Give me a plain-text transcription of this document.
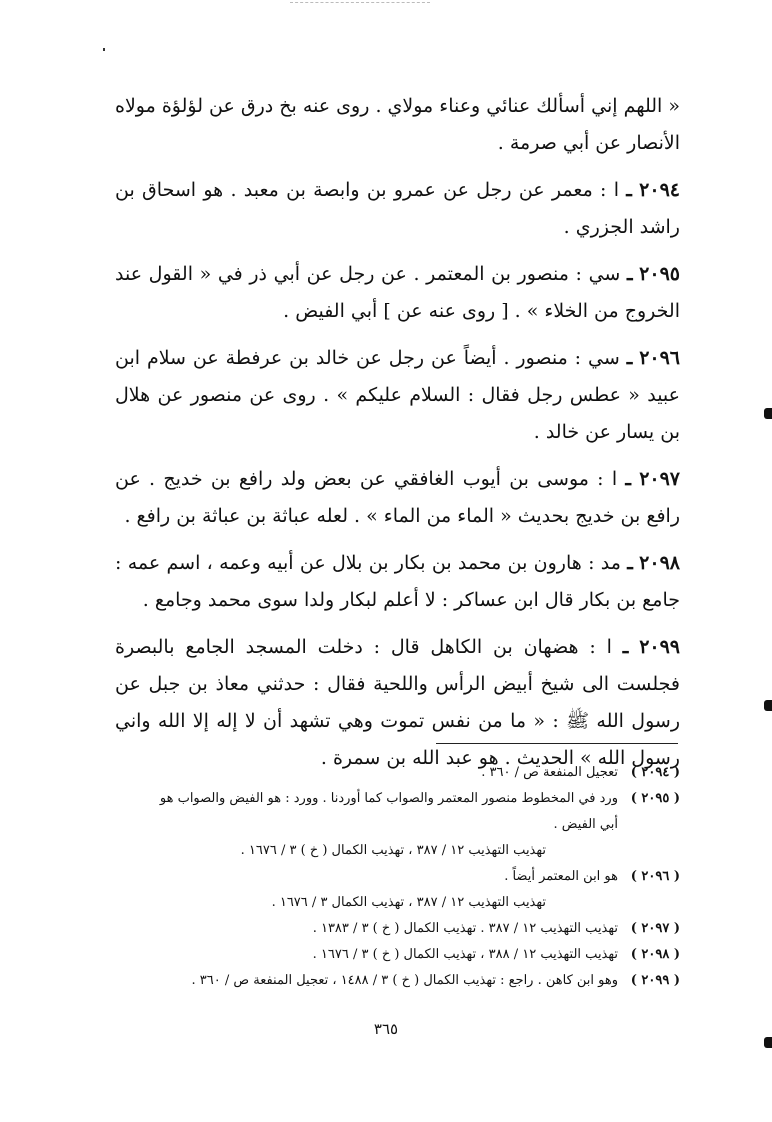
« اللهم إني أسألك عنائي وعناء مولاي . روى عنه بخ درق عن لؤلؤة مولاه الأنصار عن أبي صرمة .

٢٠٩٤ ـ ا : معمر عن رجل عن عمرو بن وابصة بن معبد . هو اسحاق بن راشد الجزري .

٢٠٩٥ ـ سي : منصور بن المعتمر . عن رجل عن أبي ذر في « القول عند الخروج من الخلاء » . [ روى عنه عن ] أبي الفيض .

٢٠٩٦ ـ سي : منصور . أيضاً عن رجل عن خالد بن عرفطة عن سلام ابن عبيد « عطس رجل فقال : السلام عليكم » . روى عن منصور عن هلال بن يسار عن خالد .

٢٠٩٧ ـ ا : موسى بن أيوب الغافقي عن بعض ولد رافع بن خديج . عن رافع بن خديج بحديث « الماء من الماء » . لعله عباثة بن عباثة بن رافع .

٢٠٩٨ ـ مد : هارون بن محمد بن بكار بن بلال عن أبيه وعمه ، اسم عمه : جامع بن بكار قال ابن عساكر : لا أعلم لبكار ولدا سوى محمد وجامع .

٢٠٩٩ ـ ا : هضهان بن الكاهل قال : دخلت المسجد الجامع بالبصرة فجلست الى شيخ أبيض الرأس واللحية فقال : حدثني معاذ بن جبل عن رسول الله ﷺ : « ما من نفس تموت وهي تشهد أن لا إله إلا الله واني رسول الله » الحديث . هو عبد الله بن سمرة .

( ٢٠٩٤ )
تعجيل المنفعة ص / ٣٦٠ .
( ٢٠٩٥ )
ورد في المخطوط منصور المعتمر والصواب كما أوردنا . وورد : هو الفيض والصواب هو
أبي الفيض .
تهذيب التهذيب ١٢ / ٣٨٧ ، تهذيب الكمال ( خ ) ٣ / ١٦٧٦ .
( ٢٠٩٦ )
هو ابن المعتمر أيضاً .
تهذيب التهذيب ١٢ / ٣٨٧ ، تهذيب الكمال ٣ / ١٦٧٦ .
( ٢٠٩٧ )
تهذيب التهذيب ١٢ / ٣٨٧ . تهذيب الكمال ( خ ) ٣ / ١٣٨٣ .
( ٢٠٩٨ )
تهذيب التهذيب ١٢ / ٣٨٨ ، تهذيب الكمال ( خ ) ٣ / ١٦٧٦ .
( ٢٠٩٩ )
وهو ابن كاهن . راجع : تهذيب الكمال ( خ ) ٣ / ١٤٨٨ ، تعجيل المنفعة ص / ٣٦٠ .
٣٦٥
